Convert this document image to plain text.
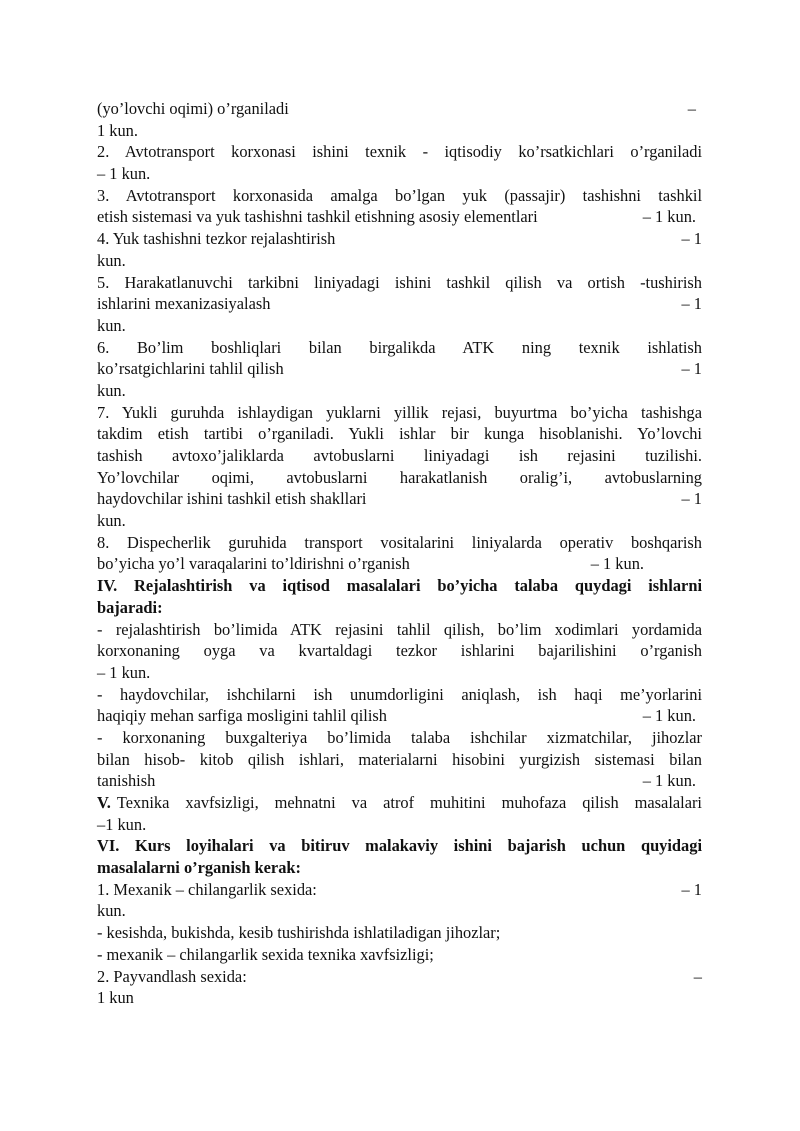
(yo’lovchi oqimi) o’rganiladi	–
1 kun.
2. Avtotransport korxonasi ishini texnik - iqtisodiy ko’rsatkichlari o’rganiladi
– 1 kun.
3. Avtotransport korxonasida amalga bo’lgan yuk (passajir) tashishni tashkil
etish sistemasi va yuk tashishni tashkil etishning asosiy elementlari	– 1 kun.
4. Yuk tashishni tezkor rejalashtirish	– 1
kun.
5. Harakatlanuvchi tarkibni liniyadagi ishini tashkil qilish va ortish -tushirish
ishlarini mexanizasiyalash	– 1
kun.
6. Bo’lim boshliqlari bilan birgalikda ATK ning texnik ishlatish
ko’rsatgichlarini tahlil qilish	– 1
kun.
7. Yukli guruhda ishlaydigan yuklarni yillik rejasi, buyurtma bo’yicha tashishga
takdim etish tartibi o’rganiladi. Yukli ishlar bir kunga hisoblanishi. Yo’lovchi
tashish avtoxo’jaliklarda avtobuslarni liniyadagi ish rejasini tuzilishi.
Yo’lovchilar oqimi, avtobuslarni harakatlanish oralig’i, avtobuslarning
haydovchilar ishini tashkil etish shakllari	– 1
kun.
8. Dispecherlik guruhida transport vositalarini liniyalarda operativ boshqarish
bo’yicha yo’l varaqalarini to’ldirishni o’rganish	– 1 kun.
IV. Rejalashtirish va iqtisod masalalari bo’yicha talaba quydagi ishlarni
bajaradi:
- rejalashtirish bo’limida ATK rejasini tahlil qilish, bo’lim xodimlari yordamida
korxonaning oyga va kvartaldagi tezkor ishlarini bajarilishini o’rganish
– 1 kun.
- haydovchilar, ishchilarni ish unumdorligini aniqlash, ish haqi me’yorlarini
haqiqiy mehan sarfiga mosligini tahlil qilish	– 1 kun.
- korxonaning buxgalteriya bo’limida talaba ishchilar xizmatchilar, jihozlar
bilan hisob- kitob qilish ishlari, materialarni hisobini yurgizish sistemasi bilan
tanishish	– 1 kun.
V. Texnika xavfsizligi, mehnatni va atrof muhitini muhofaza qilish masalalari
–1 kun.
VI. Kurs loyihalari va bitiruv malakaviy ishini bajarish uchun quyidagi
masalalarni o’rganish kerak:
1. Mexanik – chilangarlik sexida:	– 1
kun.
- kesishda, bukishda, kesib tushirishda ishlatiladigan jihozlar;
- mexanik – chilangarlik sexida texnika xavfsizligi;
2. Payvandlash sexida:	–
1 kun
